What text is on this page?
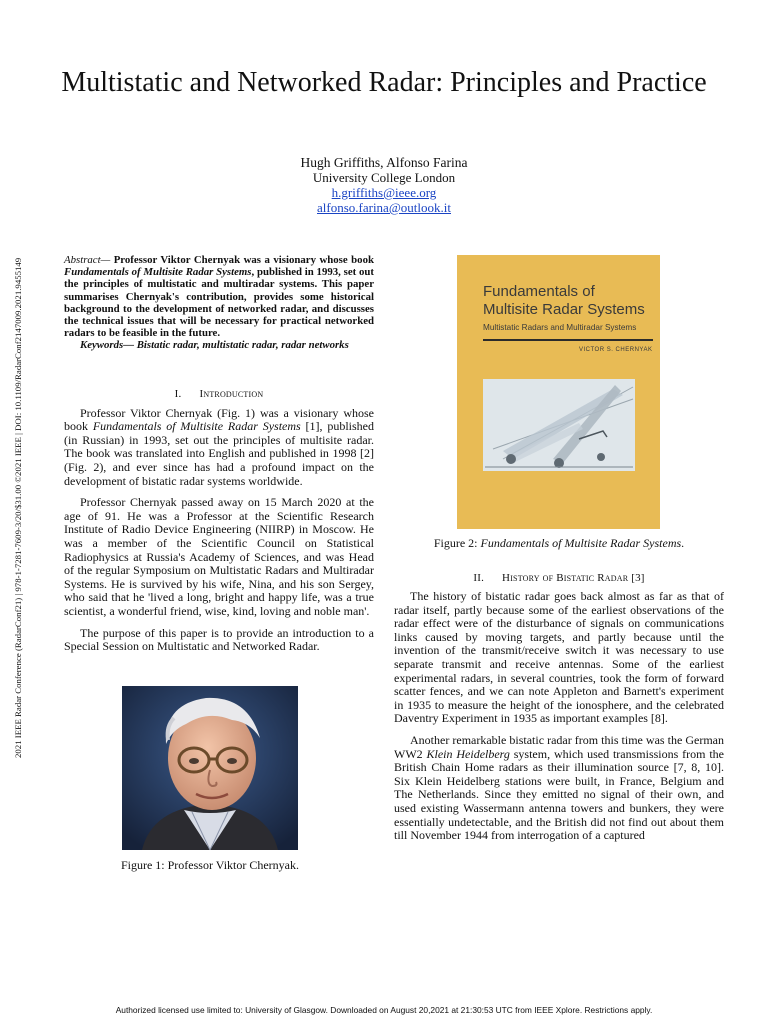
Multistatic and Networked Radar: Principles and Practice
Hugh Griffiths, Alfonso Farina
University College London
h.griffiths@ieee.org
alfonso.farina@outlook.it
2021 IEEE Radar Conference (RadarConf21) | 978-1-7281-7609-3/20/$31.00 ©2021 IEEE | DOI: 10.1109/RadarConf2147009.2021.9455149	Abstract— Professor Viktor Chernyak was a visionary whose book Fundamentals of Multisite Radar Systems, published in 1993, set out the principles of multistatic and multiradar systems. This paper summarises Chernyak's contribution, provides some historical background to the development of networked radar, and discusses the technical issues that will be necessary for practical networked radars to be feasible in the future.

Keywords— Bistatic radar, multistatic radar, radar networks

I. Introduction

Professor Viktor Chernyak (Fig. 1) was a visionary whose book Fundamentals of Multisite Radar Systems [1], published (in Russian) in 1993, set out the principles of multisite radar. The book was translated into English and published in 1998 [2] (Fig. 2), and ever since has had a profound impact on the development of bistatic radar systems worldwide.

Professor Chernyak passed away on 15 March 2020 at the age of 91. He was a Professor at the Scientific Research Institute of Radio Device Engineering (NIIRP) in Moscow. He was a member of the Scientific Council on Statistical Radiophysics at Russia's Academy of Sciences, and was Head of the regular Symposium on Multistatic Radars and Multiradar Systems. He is survived by his wife, Nina, and his son Sergey, who said that he 'lived a long, bright and happy life, was a true scientist, a wonderful friend, wise, kind, loving and noble man'.

The purpose of this paper is to provide an introduction to a Special Session on Multistatic and Networked Radar.

Figure 1: Professor Viktor Chernyak.
Fundamentals of
Multisite Radar Systems
Multistatic Radars and Multiradar Systems
VICTOR S. CHERNYAK
Figure 2: Fundamentals of Multisite Radar Systems.
II. History of Bistatic Radar [3]

The history of bistatic radar goes back almost as far as that of radar itself, partly because some of the earliest observations of the radar effect were of the disturbance of signals on communications links caused by moving targets, and partly because until the invention of the transmit/receive switch it was necessary to use separate transmit and receive antennas. Some of the earliest experimental radars, in several countries, took the form of forward scatter fences, and we can note Appleton and Barnett's experiment in 1935 to measure the height of the ionosphere, and the celebrated Daventry Experiment in 1935 as important examples [8].

Another remarkable bistatic radar from this time was the German WW2 Klein Heidelberg system, which used transmissions from the British Chain Home radars as their illumination source [7, 8, 10]. Six Klein Heidelberg stations were built, in France, Belgium and The Netherlands. Since they emitted no signal of their own, and used existing Wassermann antenna towers and bunkers, they were essentially undetectable, and the British did not find out about them till November 1944 from interrogation of a captured

Authorized licensed use limited to: University of Glasgow. Downloaded on August 20,2021 at 21:30:53 UTC from IEEE Xplore. Restrictions apply.
